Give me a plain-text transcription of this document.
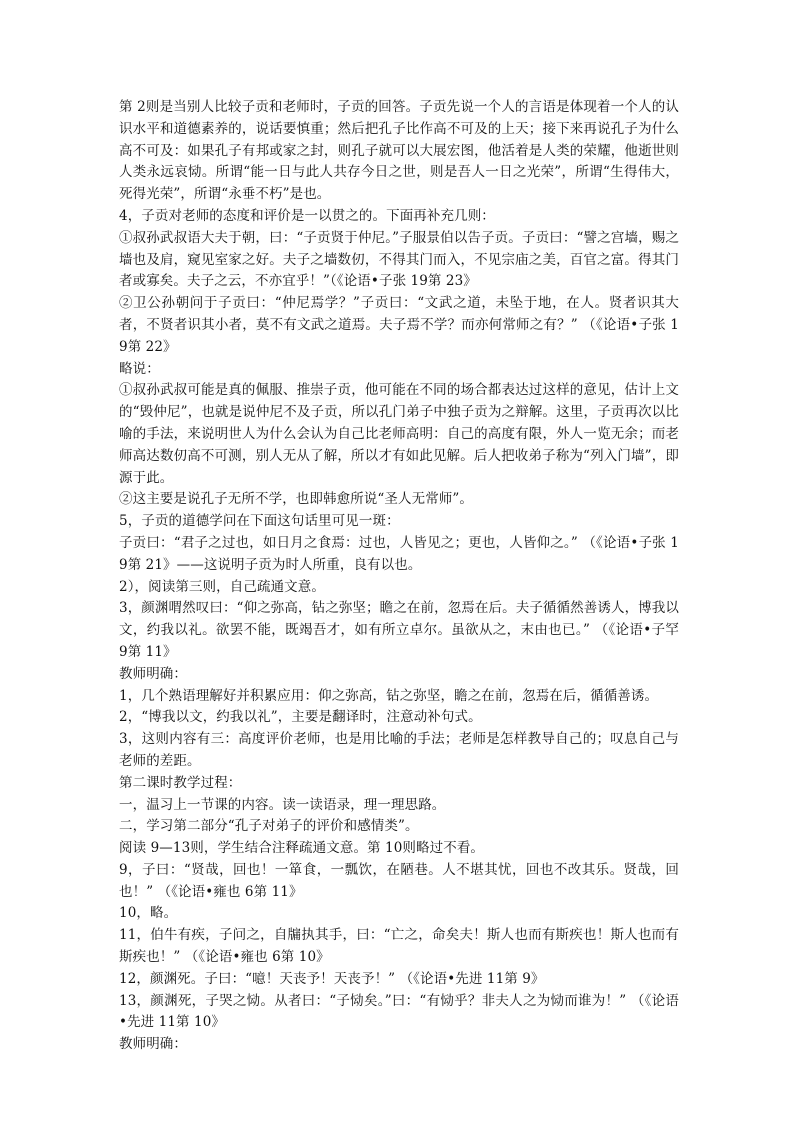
第 2则是当别人比较子贡和老师时，子贡的回答。子贡先说一个人的言语是体现着一个人的认识水平和道德素养的，说话要慎重；然后把孔子比作高不可及的上天；接下来再说孔子为什么高不可及：如果孔子有邦或家之封，则孔子就可以大展宏图，他活着是人类的荣耀，他逝世则人类永远哀恸。所谓“能一日与此人共存今日之世，则是吾人一日之光荣”，所谓“生得伟大，死得光荣”，所谓“永垂不朽”是也。

4，子贡对老师的态度和评价是一以贯之的。下面再补充几则：

①叔孙武叔语大夫于朝，曰：“子贡贤于仲尼。”子服景伯以告子贡。子贡曰：“譬之宫墙，赐之墙也及肩，窥见室家之好。夫子之墙数仞，不得其门而入，不见宗庙之美，百官之富。得其门者或寡矣。夫子之云，不亦宜乎！”（《论语•子张 19第 23》

②卫公孙朝问于子贡曰：“仲尼焉学？”子贡曰：“文武之道，未坠于地，在人。贤者识其大者，不贤者识其小者，莫不有文武之道焉。夫子焉不学？而亦何常师之有？” （《论语•子张 19第 22》

略说：

①叔孙武叔可能是真的佩服、推崇子贡，他可能在不同的场合都表达过这样的意见，估计上文的“毁仲尼”，也就是说仲尼不及子贡，所以孔门弟子中独子贡为之辩解。这里，子贡再次以比喻的手法，来说明世人为什么会认为自己比老师高明：自己的高度有限，外人一览无余；而老师高达数仞高不可测，别人无从了解，所以才有如此见解。后人把收弟子称为“列入门墙”，即源于此。

②这主要是说孔子无所不学，也即韩愈所说“圣人无常师”。

5，子贡的道德学问在下面这句话里可见一斑：

子贡曰：“君子之过也，如日月之食焉：过也，人皆见之；更也，人皆仰之。” （《论语•子张 19第 21》——这说明子贡为时人所重，良有以也。

2），阅读第三则，自己疏通文意。

3，颜渊喟然叹曰：“仰之弥高，钻之弥坚；瞻之在前，忽焉在后。夫子循循然善诱人，博我以文，约我以礼。欲罢不能，既竭吾才，如有所立卓尔。虽欲从之，末由也已。” （《论语•子罕 9第 11》

教师明确：

1，几个熟语理解好并积累应用：仰之弥高，钻之弥坚，瞻之在前，忽焉在后，循循善诱。

2，“博我以文，约我以礼”，主要是翻译时，注意动补句式。

3，这则内容有三：高度评价老师，也是用比喻的手法；老师是怎样教导自己的；叹息自己与老师的差距。

第二课时教学过程：

一，温习上一节课的内容。读一读语录，理一理思路。

二，学习第二部分“孔子对弟子的评价和感情类”。

阅读 9—13则，学生结合注释疏通文意。第 10则略过不看。

9，子曰：“贤哉，回也！一箪食，一瓢饮，在陋巷。人不堪其忧，回也不改其乐。贤哉，回也！” （《论语•雍也 6第 11》

10，略。

11，伯牛有疾，子问之，自牖执其手，曰：“亡之，命矣夫！斯人也而有斯疾也！斯人也而有斯疾也！” （《论语•雍也 6第 10》

12，颜渊死。子曰：“噫！天丧予！天丧予！” （《论语•先进 11第 9》

13，颜渊死，子哭之恸。从者曰：“子恸矣。”曰：“有恸乎？非夫人之为恸而谁为！” （《论语•先进 11第 10》

教师明确：
